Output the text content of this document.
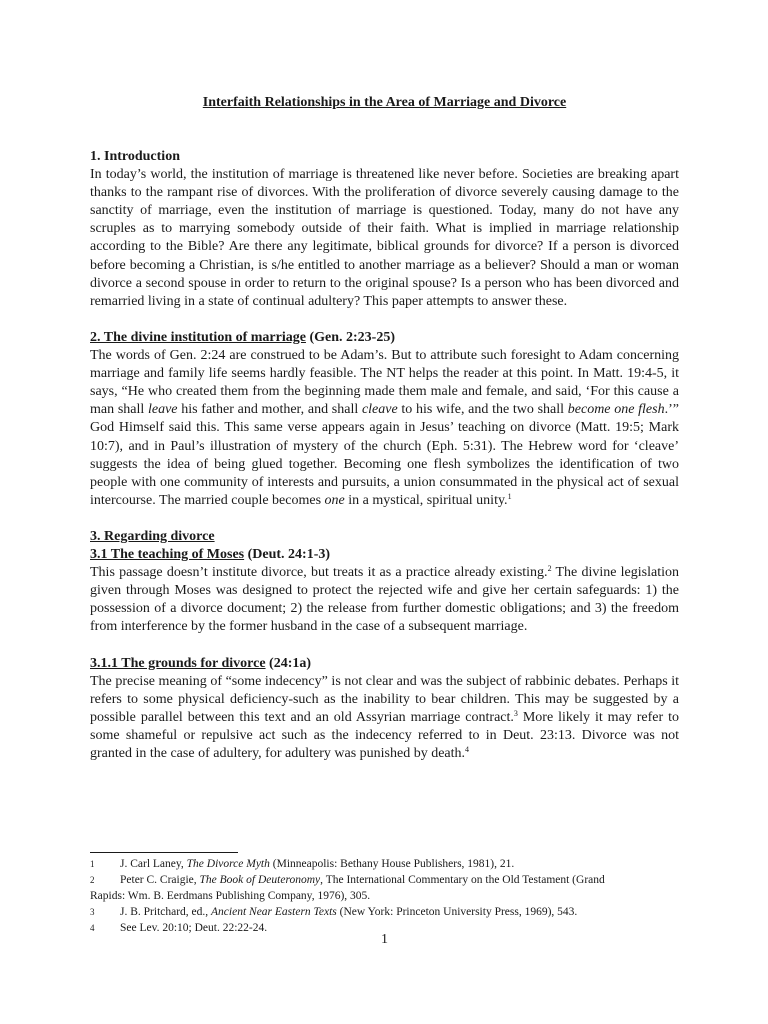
Interfaith Relationships in the Area of Marriage and Divorce
1. Introduction

In today’s world, the institution of marriage is threatened like never before. Societies are breaking apart thanks to the rampant rise of divorces. With the proliferation of divorce severely causing damage to the sanctity of marriage, even the institution of marriage is questioned. Today, many do not have any scruples as to marrying somebody outside of their faith. What is implied in marriage relationship according to the Bible? Are there any legitimate, biblical grounds for divorce? If a person is divorced before becoming a Christian, is s/he entitled to another marriage as a believer? Should a man or woman divorce a second spouse in order to return to the original spouse? Is a person who has been divorced and remarried living in a state of continual adultery? This paper attempts to answer these.

2. The divine institution of marriage (Gen. 2:23-25)

The words of Gen. 2:24 are construed to be Adam’s. But to attribute such foresight to Adam concerning marriage and family life seems hardly feasible. The NT helps the reader at this point. In Matt. 19:4-5, it says, “He who created them from the beginning made them male and female, and said, ‘For this cause a man shall leave his father and mother, and shall cleave to his wife, and the two shall become one flesh.’” God Himself said this. This same verse appears again in Jesus’ teaching on divorce (Matt. 19:5; Mark 10:7), and in Paul’s illustration of mystery of the church (Eph. 5:31). The Hebrew word for ‘cleave’ suggests the idea of being glued together. Becoming one flesh symbolizes the identification of two people with one community of interests and pursuits, a union consummated in the physical act of sexual intercourse. The married couple becomes one in a mystical, spiritual unity.$^1$

3. Regarding divorce
3.1 The teaching of Moses (Deut. 24:1-3)

This passage doesn’t institute divorce, but treats it as a practice already existing.$^2$ The divine legislation given through Moses was designed to protect the rejected wife and give her certain safeguards: 1) the possession of a divorce document; 2) the release from further domestic obligations; and 3) the freedom from interference by the former husband in the case of a subsequent marriage.

3.1.1 The grounds for divorce (24:1a)

The precise meaning of “some indecency” is not clear and was the subject of rabbinic debates. Perhaps it refers to some physical deficiency-such as the inability to bear children. This may be suggested by a possible parallel between this text and an old Assyrian marriage contract.$^3$ More likely it may refer to some shameful or repulsive act such as the indecency referred to in Deut. 23:13. Divorce was not granted in the case of adultery, for adultery was punished by death.$^4$

1 J. Carl Laney, The Divorce Myth (Minneapolis: Bethany House Publishers, 1981), 21.

2 Peter C. Craigie, The Book of Deuteronomy, The International Commentary on the Old Testament (Grand
Rapids: Wm. B. Eerdmans Publishing Company, 1976), 305.

3 J. B. Pritchard, ed., Ancient Near Eastern Texts (New York: Princeton University Press, 1969), 543.

4 See Lev. 20:10; Deut. 22:22-24.

1
